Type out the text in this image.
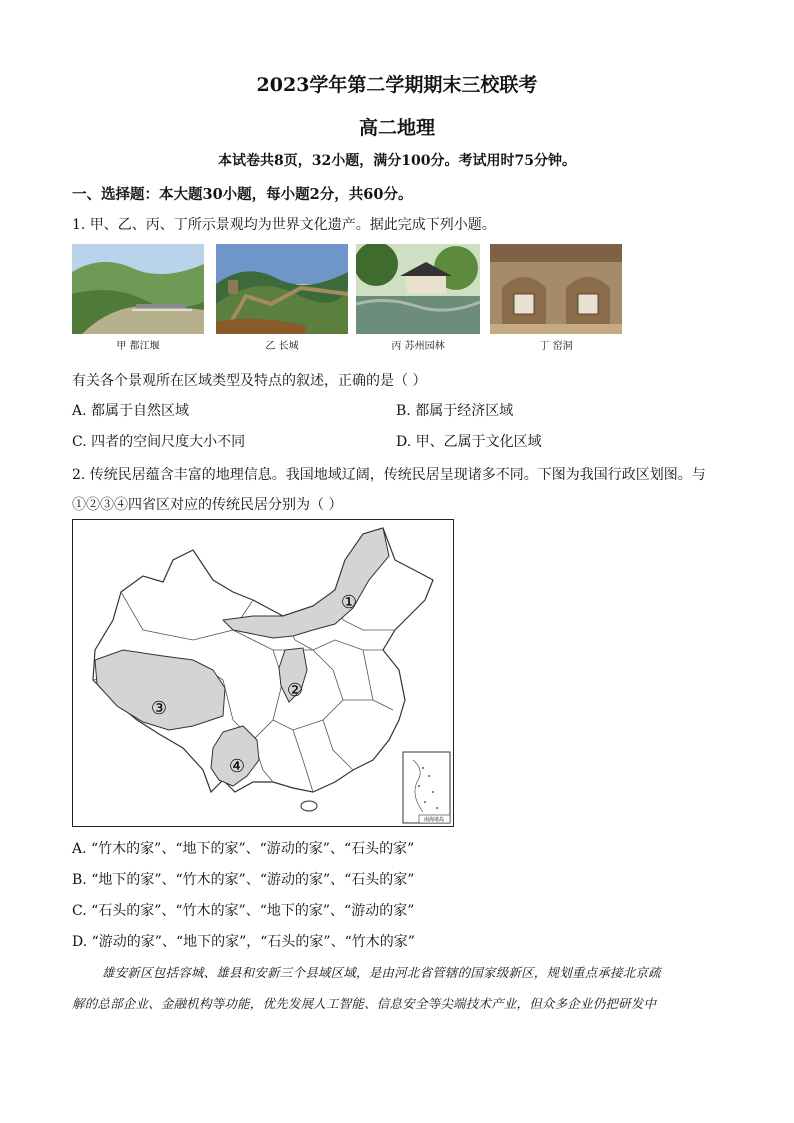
2023学年第二学期期末三校联考
高二地理
本试卷共8页，32小题，满分100分。考试用时75分钟。
一、选择题：本大题30小题，每小题2分，共60分。
1. 甲、乙、丙、丁所示景观均为世界文化遗产。据此完成下列小题。
甲 都江堰	乙 长城	丙 苏州园林	丁 窑洞
有关各个景观所在区域类型及特点的叙述，正确的是（ ）
A. 都属于自然区域	B. 都属于经济区域
C. 四者的空间尺度大小不同	D. 甲、乙属于文化区域
2. 传统民居蕴含丰富的地理信息。我国地域辽阔，传统民居呈现诸多不同。下图为我国行政区划图。与
①②③④四省区对应的传统民居分别为（ ）
①
②
③
④
南海诸岛
A. “竹木的家”、“地下的家”、“游动的家”、“石头的家”
B. “地下的家”、“竹木的家”、“游动的家”、“石头的家”
C. “石头的家”、“竹木的家”、“地下的家”、“游动的家”
D. “游动的家”、“地下的家”，“石头的家”、“竹木的家”
雄安新区包括容城、雄县和安新三个县域区域，是由河北省管辖的国家级新区，规划重点承接北京疏
解的总部企业、金融机构等功能，优先发展人工智能、信息安全等尖端技术产业，但众多企业仍把研发中
